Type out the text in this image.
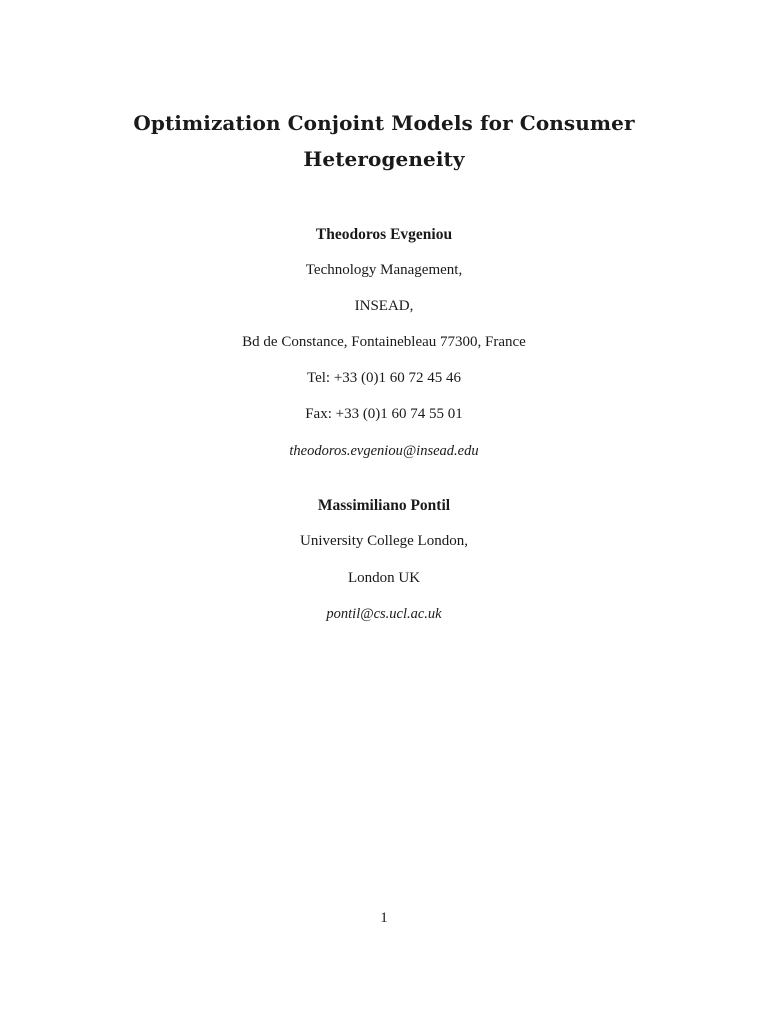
Optimization Conjoint Models for Consumer
Heterogeneity
Theodoros Evgeniou
Technology Management,
INSEAD,
Bd de Constance, Fontainebleau 77300, France
Tel: +33 (0)1 60 72 45 46
Fax: +33 (0)1 60 74 55 01
theodoros.evgeniou@insead.edu
Massimiliano Pontil
University College London,
London UK
pontil@cs.ucl.ac.uk
1
